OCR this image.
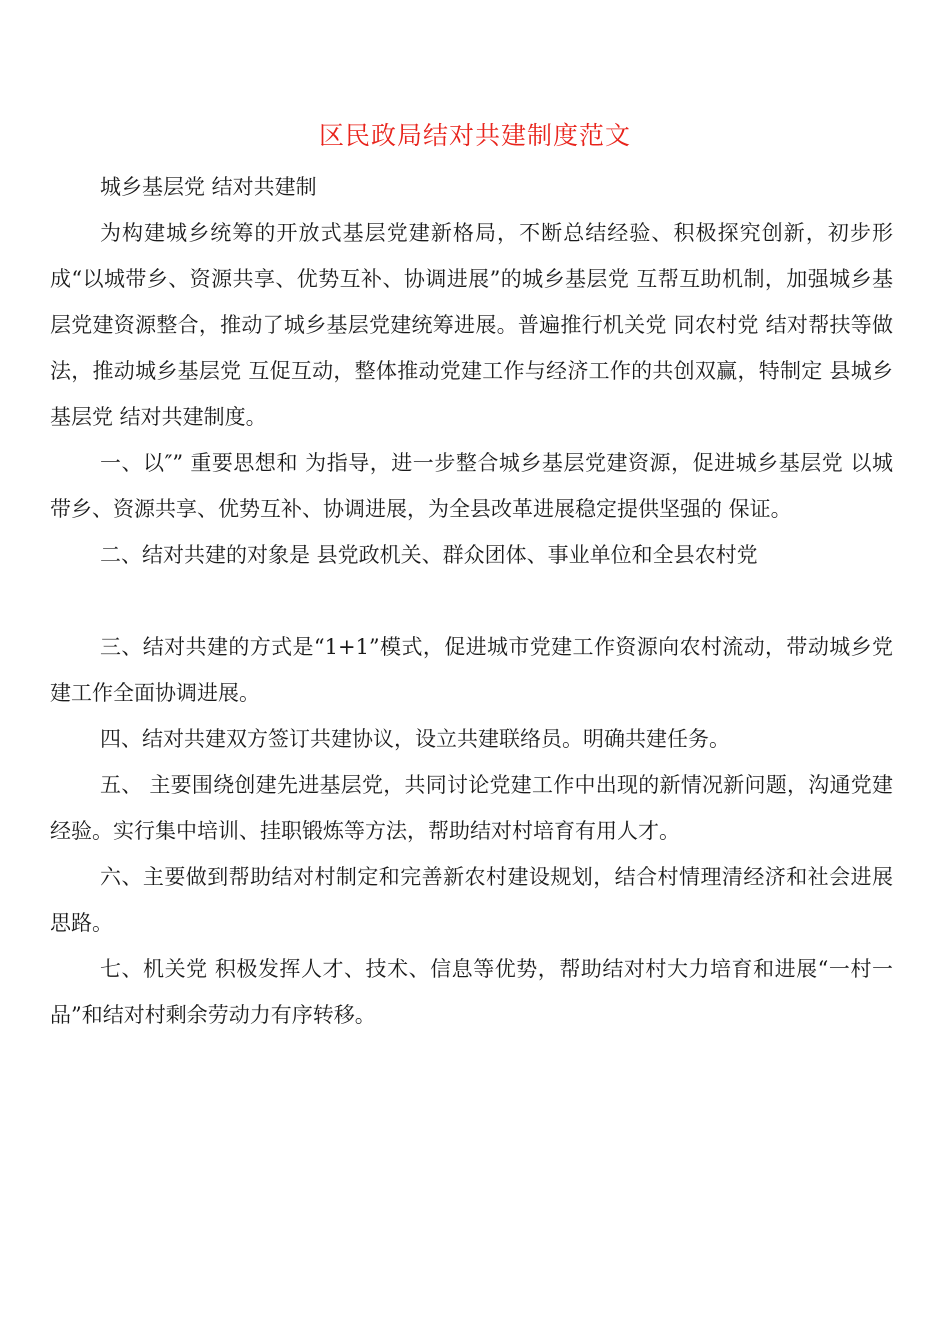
区民政局结对共建制度范文

城乡基层党 结对共建制

为构建城乡统筹的开放式基层党建新格局，不断总结经验、积极探究创新，初步形成“以城带乡、资源共享、优势互补、协调进展”的城乡基层党 互帮互助机制，加强城乡基层党建资源整合，推动了城乡基层党建统筹进展。普遍推行机关党 同农村党 结对帮扶等做法，推动城乡基层党 互促互动，整体推动党建工作与经济工作的共创双赢，特制定 县城乡基层党 结对共建制度。

一、以″” 重要思想和 为指导，进一步整合城乡基层党建资源，促进城乡基层党 以城带乡、资源共享、优势互补、协调进展，为全县改革进展稳定提供坚强的 保证。

二、结对共建的对象是 县党政机关、群众团体、事业单位和全县农村党

三、结对共建的方式是“1+1”模式，促进城市党建工作资源向农村流动，带动城乡党建工作全面协调进展。

四、结对共建双方签订共建协议，设立共建联络员。明确共建任务。

五、 主要围绕创建先进基层党，共同讨论党建工作中出现的新情况新问题，沟通党建经验。实行集中培训、挂职锻炼等方法，帮助结对村培育有用人才。

六、主要做到帮助结对村制定和完善新农村建设规划，结合村情理清经济和社会进展思路。

七、机关党 积极发挥人才、技术、信息等优势，帮助结对村大力培育和进展“一村一品”和结对村剩余劳动力有序转移。
